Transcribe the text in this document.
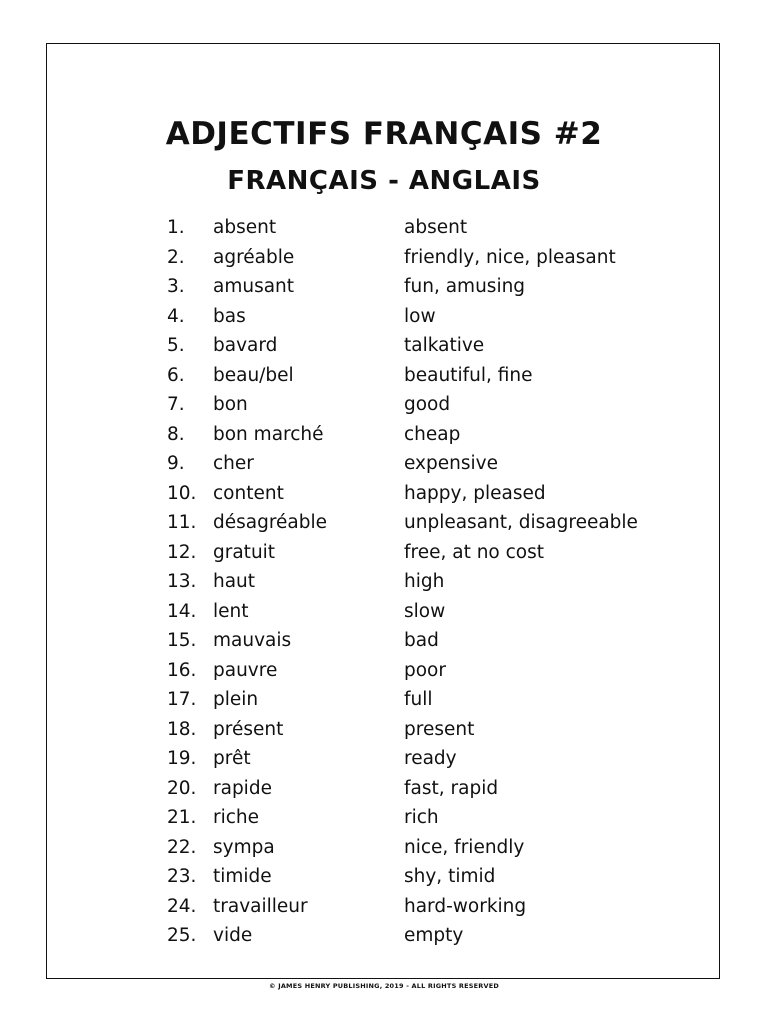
ADJECTIFS FRANÇAIS #2
FRANÇAIS - ANGLAIS
1. absent	absent
2. agréable	friendly, nice, pleasant
3. amusant	fun, amusing
4. bas	low
5. bavard	talkative
6. beau/bel	beautiful, fine
7. bon	good
8. bon marché	cheap
9. cher	expensive
10. content	happy, pleased
11. désagréable	unpleasant, disagreeable
12. gratuit	free, at no cost
13. haut	high
14. lent	slow
15. mauvais	bad
16. pauvre	poor
17. plein	full
18. présent	present
19. prêt	ready
20. rapide	fast, rapid
21. riche	rich
22. sympa	nice, friendly
23. timide	shy, timid
24. travailleur	hard-working
25. vide	empty
© JAMES HENRY PUBLISHING, 2019 - ALL RIGHTS RESERVED
